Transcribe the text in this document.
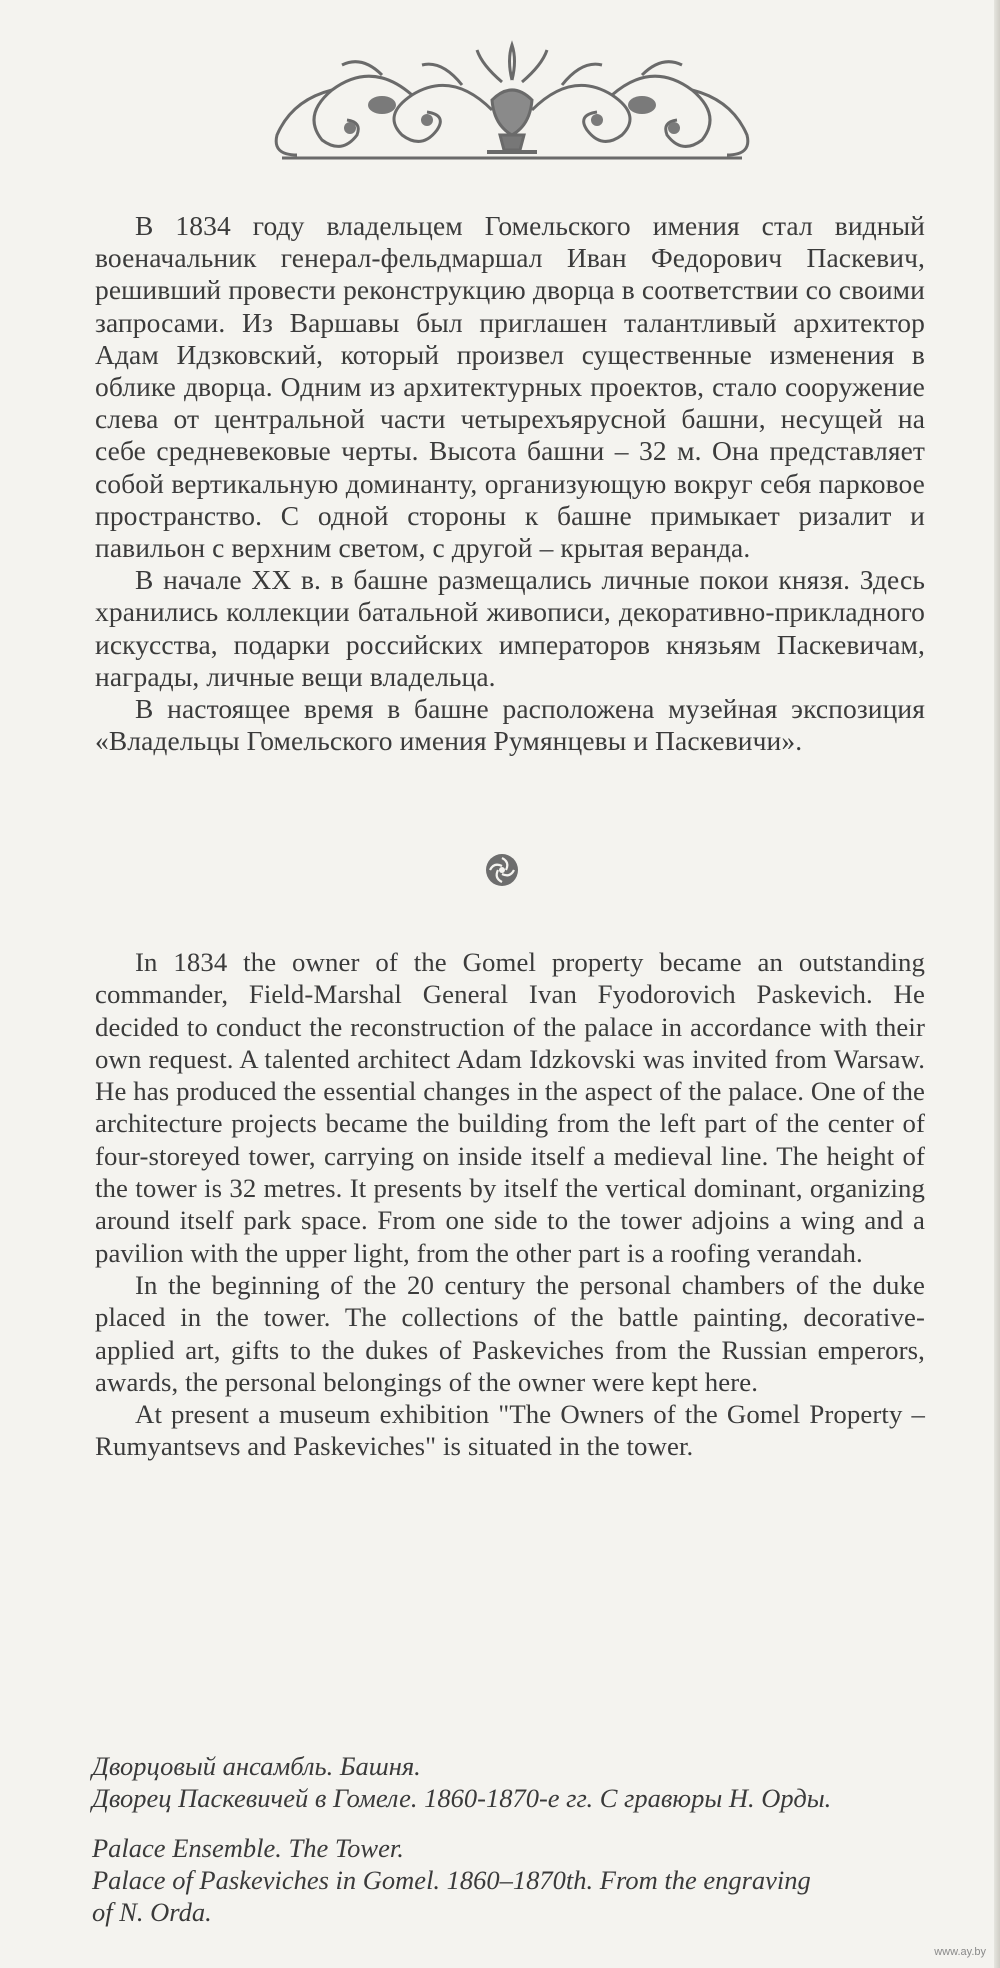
В 1834 году владельцем Гомельского имения стал видный военачальник генерал-фельдмаршал Иван Федорович Паскевич, решивший провести реконструкцию дворца в соответствии со своими запросами. Из Варшавы был приглашен талантливый архитектор Адам Идзковский, который произвел существенные изменения в облике дворца. Одним из архитектурных проектов, стало сооружение слева от центральной части четырехъярусной башни, несущей на себе средневековые черты. Высота башни – 32 м. Она представляет собой вертикальную доминанту, организующую вокруг себя парковое пространство. С одной стороны к башне примыкает ризалит и павильон с верхним светом, с другой – крытая веранда.

В начале XX в. в башне размещались личные покои князя. Здесь хранились коллекции батальной живописи, декоративно-прикладного искусства, подарки российских императоров князьям Паскевичам, награды, личные вещи владельца.

В настоящее время в башне расположена музейная экспозиция «Владельцы Гомельского имения Румянцевы и Паскевичи».

In 1834 the owner of the Gomel property became an outstanding commander, Field-Marshal General Ivan Fyodorovich Paskevich. He decided to conduct the reconstruction of the palace in accordance with their own request. A talented architect Adam Idzkovski was invited from Warsaw. He has produced the essential changes in the aspect of the palace. One of the architecture projects became the building from the left part of the center of four-storeyed tower, carrying on inside itself a medieval line. The height of the tower is 32 metres. It presents by itself the vertical dominant, organizing around itself park space. From one side to the tower adjoins a wing and a pavilion with the upper light, from the other part is a roofing verandah.

In the beginning of the 20 century the personal chambers of the duke placed in the tower. The collections of the battle painting, decorative-applied art, gifts to the dukes of Paskeviches from the Russian emperors, awards, the personal belongings of the owner were kept here.

At present a museum exhibition "The Owners of the Gomel Property – Rumyantsevs and Paskeviches" is situated in the tower.

Дворцовый ансамбль. Башня.
Дворец Паскевичей в Гомеле. 1860-1870-е гг. С гравюры Н. Орды.
Palace Ensemble. The Tower.
Palace of Paskeviches in Gomel. 1860–1870th. From the engraving
of N. Orda.
www.ay.by
